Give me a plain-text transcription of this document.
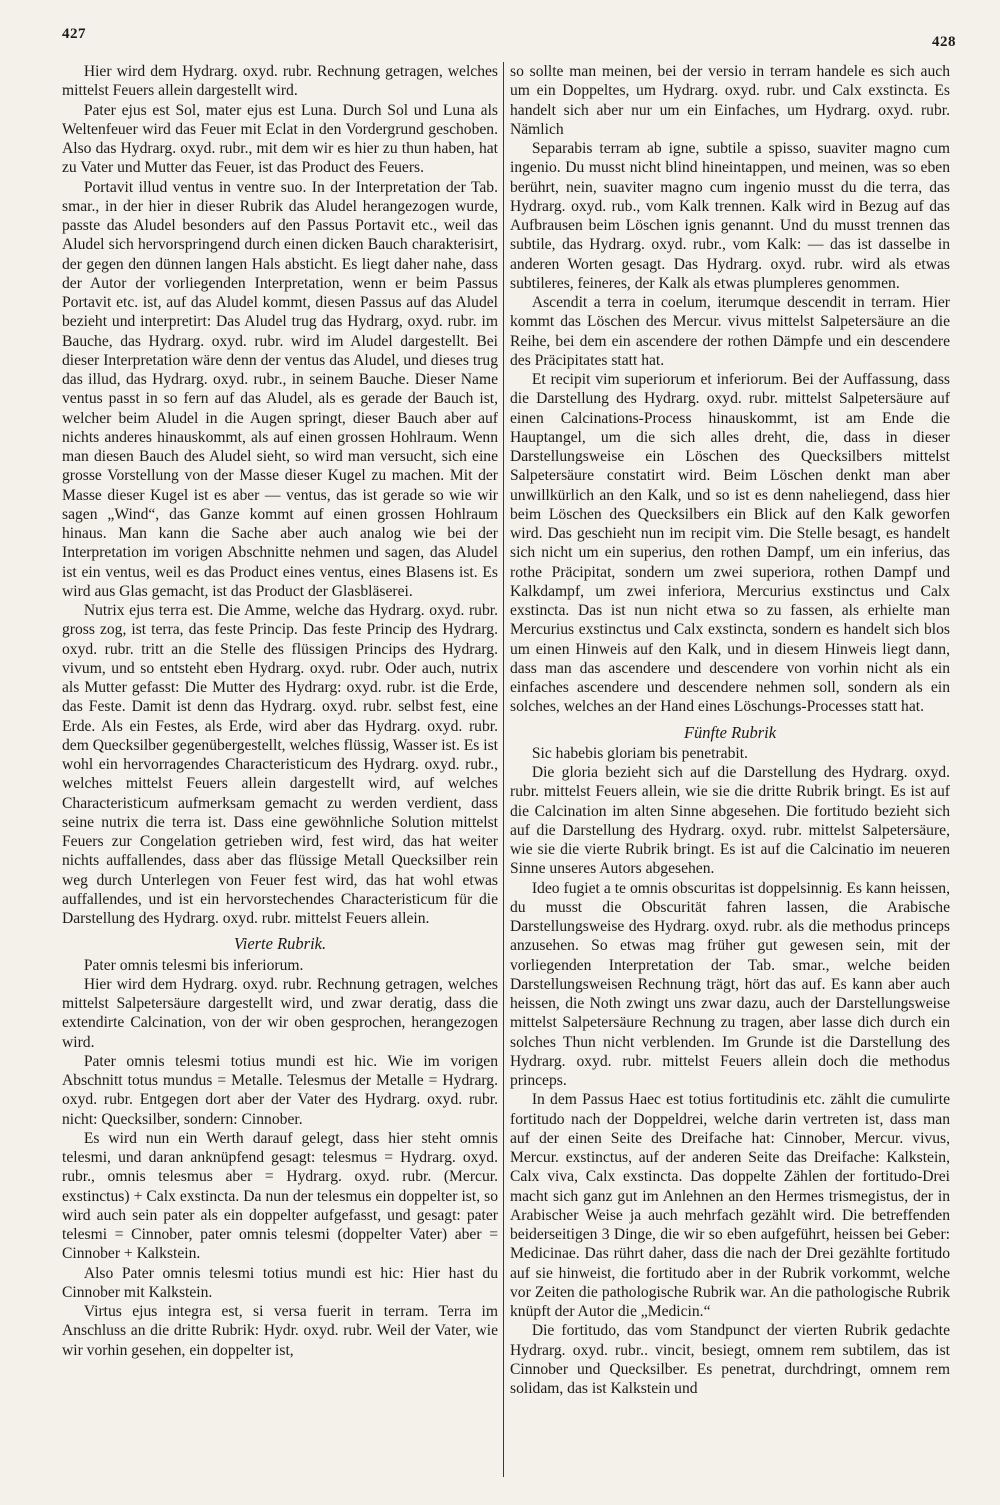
427	428

Hier wird dem Hydrarg. oxyd. rubr. Rechnung getragen, welches mittelst Feuers allein dargestellt wird.

Pater ejus est Sol, mater ejus est Luna. Durch Sol und Luna als Weltenfeuer wird das Feuer mit Eclat in den Vordergrund geschoben. Also das Hydrarg. oxyd. rubr., mit dem wir es hier zu thun haben, hat zu Vater und Mutter das Feuer, ist das Product des Feuers.

Portavit illud ventus in ventre suo. In der Interpretation der Tab. smar., in der hier in dieser Rubrik das Aludel herangezogen wurde, passte das Aludel besonders auf den Passus Portavit etc., weil das Aludel sich hervorspringend durch einen dicken Bauch charakterisirt, der gegen den dünnen langen Hals absticht. Es liegt daher nahe, dass der Autor der vorliegenden Interpretation, wenn er beim Passus Portavit etc. ist, auf das Aludel kommt, diesen Passus auf das Aludel bezieht und interpretirt: Das Aludel trug das Hydrarg, oxyd. rubr. im Bauche, das Hydrarg. oxyd. rubr. wird im Aludel dargestellt. Bei dieser Interpretation wäre denn der ventus das Aludel, und dieses trug das illud, das Hydrarg. oxyd. rubr., in seinem Bauche. Dieser Name ventus passt in so fern auf das Aludel, als es gerade der Bauch ist, welcher beim Aludel in die Augen springt, dieser Bauch aber auf nichts anderes hinauskommt, als auf einen grossen Hohlraum. Wenn man diesen Bauch des Aludel sieht, so wird man versucht, sich eine grosse Vorstellung von der Masse dieser Kugel zu machen. Mit der Masse dieser Kugel ist es aber — ventus, das ist gerade so wie wir sagen „Wind“, das Ganze kommt auf einen grossen Hohlraum hinaus. Man kann die Sache aber auch analog wie bei der Interpretation im vorigen Abschnitte nehmen und sagen, das Aludel ist ein ventus, weil es das Product eines ventus, eines Blasens ist. Es wird aus Glas gemacht, ist das Product der Glasbläserei.

Nutrix ejus terra est. Die Amme, welche das Hydrarg. oxyd. rubr. gross zog, ist terra, das feste Princip. Das feste Princip des Hydrarg. oxyd. rubr. tritt an die Stelle des flüssigen Princips des Hydrarg. vivum, und so entsteht eben Hydrarg. oxyd. rubr. Oder auch, nutrix als Mutter gefasst: Die Mutter des Hydrarg: oxyd. rubr. ist die Erde, das Feste. Damit ist denn das Hydrarg. oxyd. rubr. selbst fest, eine Erde. Als ein Festes, als Erde, wird aber das Hydrarg. oxyd. rubr. dem Quecksilber gegenübergestellt, welches flüssig, Wasser ist. Es ist wohl ein hervorragendes Characteristicum des Hydrarg. oxyd. rubr., welches mittelst Feuers allein dargestellt wird, auf welches Characteristicum aufmerksam gemacht zu werden verdient, dass seine nutrix die terra ist. Dass eine gewöhnliche Solution mittelst Feuers zur Congelation getrieben wird, fest wird, das hat weiter nichts auffallendes, dass aber das flüssige Metall Quecksilber rein weg durch Unterlegen von Feuer fest wird, das hat wohl etwas auffallendes, und ist ein hervorstechendes Characteristicum für die Darstellung des Hydrarg. oxyd. rubr. mittelst Feuers allein.

Vierte Rubrik.

Pater omnis telesmi bis inferiorum.

Hier wird dem Hydrarg. oxyd. rubr. Rechnung getragen, welches mittelst Salpetersäure dargestellt wird, und zwar deratig, dass die extendirte Calcination, von der wir oben gesprochen, herangezogen wird.

Pater omnis telesmi totius mundi est hic. Wie im vorigen Abschnitt totus mundus = Metalle. Telesmus der Metalle = Hydrarg. oxyd. rubr. Entgegen dort aber der Vater des Hydrarg. oxyd. rubr. nicht: Quecksilber, sondern: Cinnober.

Es wird nun ein Werth darauf gelegt, dass hier steht omnis telesmi, und daran anknüpfend gesagt: telesmus = Hydrarg. oxyd. rubr., omnis telesmus aber = Hydrarg. oxyd. rubr. (Mercur. exstinctus) + Calx exstincta. Da nun der telesmus ein doppelter ist, so wird auch sein pater als ein doppelter aufgefasst, und gesagt: pater telesmi = Cinnober, pater omnis telesmi (doppelter Vater) aber = Cinnober + Kalkstein.

Also Pater omnis telesmi totius mundi est hic: Hier hast du Cinnober mit Kalkstein.

Virtus ejus integra est, si versa fuerit in terram. Terra im Anschluss an die dritte Rubrik: Hydr. oxyd. rubr. Weil der Vater, wie wir vorhin gesehen, ein doppelter ist,

so sollte man meinen, bei der versio in terram handele es sich auch um ein Doppeltes, um Hydrarg. oxyd. rubr. und Calx exstincta. Es handelt sich aber nur um ein Einfaches, um Hydrarg. oxyd. rubr. Nämlich

Separabis terram ab igne, subtile a spisso, suaviter magno cum ingenio. Du musst nicht blind hineintappen, und meinen, was so eben berührt, nein, suaviter magno cum ingenio musst du die terra, das Hydrarg. oxyd. rub., vom Kalk trennen. Kalk wird in Bezug auf das Aufbrausen beim Löschen ignis genannt. Und du musst trennen das subtile, das Hydrarg. oxyd. rubr., vom Kalk: — das ist dasselbe in anderen Worten gesagt. Das Hydrarg. oxyd. rubr. wird als etwas subtileres, feineres, der Kalk als etwas plumpleres genommen.

Ascendit a terra in coelum, iterumque descendit in terram. Hier kommt das Löschen des Mercur. vivus mittelst Salpetersäure an die Reihe, bei dem ein ascendere der rothen Dämpfe und ein descendere des Präcipitates statt hat.

Et recipit vim superiorum et inferiorum. Bei der Auffassung, dass die Darstellung des Hydrarg. oxyd. rubr. mittelst Salpetersäure auf einen Calcinations-Process hinauskommt, ist am Ende die Hauptangel, um die sich alles dreht, die, dass in dieser Darstellungsweise ein Löschen des Quecksilbers mittelst Salpetersäure constatirt wird. Beim Löschen denkt man aber unwillkürlich an den Kalk, und so ist es denn naheliegend, dass hier beim Löschen des Quecksilbers ein Blick auf den Kalk geworfen wird. Das geschieht nun im recipit vim. Die Stelle besagt, es handelt sich nicht um ein superius, den rothen Dampf, um ein inferius, das rothe Präcipitat, sondern um zwei superiora, rothen Dampf und Kalkdampf, um zwei inferiora, Mercurius exstinctus und Calx exstincta. Das ist nun nicht etwa so zu fassen, als erhielte man Mercurius exstinctus und Calx exstincta, sondern es handelt sich blos um einen Hinweis auf den Kalk, und in diesem Hinweis liegt dann, dass man das ascendere und descendere von vorhin nicht als ein einfaches ascendere und descendere nehmen soll, sondern als ein solches, welches an der Hand eines Löschungs-Processes statt hat.

Fünfte Rubrik

Sic habebis gloriam bis penetrabit.

Die gloria bezieht sich auf die Darstellung des Hydrarg. oxyd. rubr. mittelst Feuers allein, wie sie die dritte Rubrik bringt. Es ist auf die Calcination im alten Sinne abgesehen. Die fortitudo bezieht sich auf die Darstellung des Hydrarg. oxyd. rubr. mittelst Salpetersäure, wie sie die vierte Rubrik bringt. Es ist auf die Calcinatio im neueren Sinne unseres Autors abgesehen.

Ideo fugiet a te omnis obscuritas ist doppelsinnig. Es kann heissen, du musst die Obscurität fahren lassen, die Arabische Darstellungsweise des Hydrarg. oxyd. rubr. als die methodus princeps anzusehen. So etwas mag früher gut gewesen sein, mit der vorliegenden Interpretation der Tab. smar., welche beiden Darstellungsweisen Rechnung trägt, hört das auf. Es kann aber auch heissen, die Noth zwingt uns zwar dazu, auch der Darstellungsweise mittelst Salpetersäure Rechnung zu tragen, aber lasse dich durch ein solches Thun nicht verblenden. Im Grunde ist die Darstellung des Hydrarg. oxyd. rubr. mittelst Feuers allein doch die methodus princeps.

In dem Passus Haec est totius fortitudinis etc. zählt die cumulirte fortitudo nach der Doppeldrei, welche darin vertreten ist, dass man auf der einen Seite des Dreifache hat: Cinnober, Mercur. vivus, Mercur. exstinctus, auf der anderen Seite das Dreifache: Kalkstein, Calx viva, Calx exstincta. Das doppelte Zählen der fortitudo-Drei macht sich ganz gut im Anlehnen an den Hermes trismegistus, der in Arabischer Weise ja auch mehrfach gezählt wird. Die betreffenden beiderseitigen 3 Dinge, die wir so eben aufgeführt, heissen bei Geber: Medicinae. Das rührt daher, dass die nach der Drei gezählte fortitudo auf sie hinweist, die fortitudo aber in der Rubrik vorkommt, welche vor Zeiten die pathologische Rubrik war. An die pathologische Rubrik knüpft der Autor die „Medicin.“

Die fortitudo, das vom Standpunct der vierten Rubrik gedachte Hydrarg. oxyd. rubr.. vincit, besiegt, omnem rem subtilem, das ist Cinnober und Quecksilber. Es penetrat, durchdringt, omnem rem solidam, das ist Kalkstein und
